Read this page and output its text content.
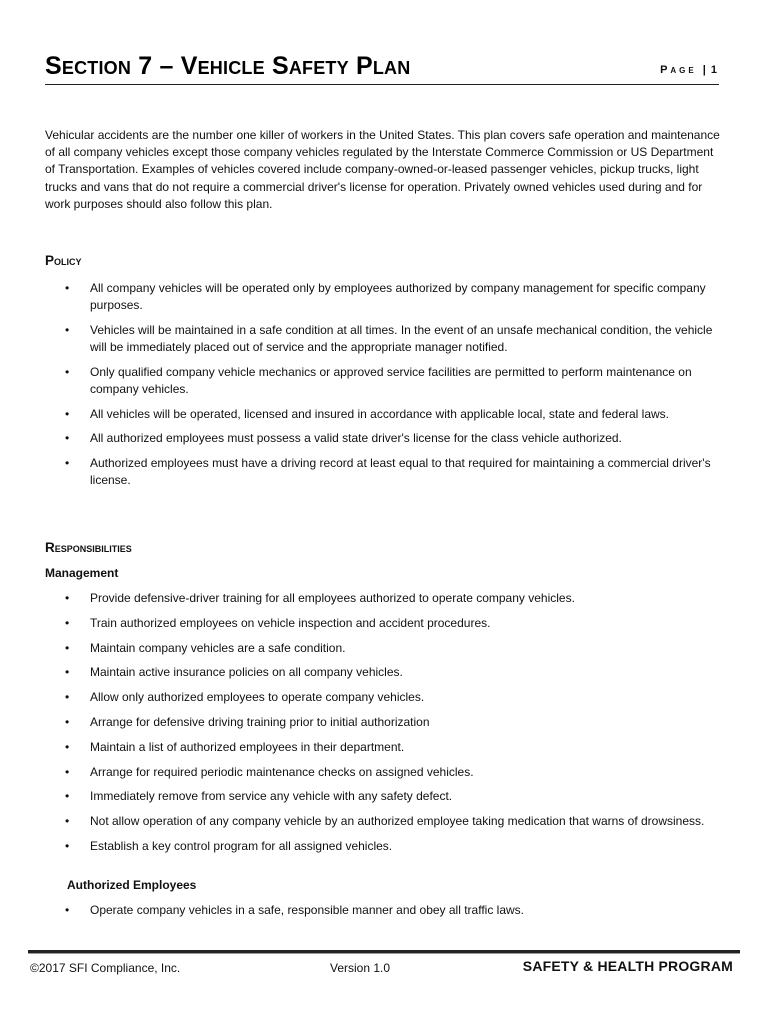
Section 7 – Vehicle Safety Plan	Page | 1

Vehicular accidents are the number one killer of workers in the United States. This plan covers safe operation and maintenance of all company vehicles except those company vehicles regulated by the Interstate Commerce Commission or US Department of Transportation. Examples of vehicles covered include company-owned-or-leased passenger vehicles, pickup trucks, light trucks and vans that do not require a commercial driver's license for operation. Privately owned vehicles used during and for work purposes should also follow this plan.

Policy
• All company vehicles will be operated only by employees authorized by company management for specific company purposes.
• Vehicles will be maintained in a safe condition at all times. In the event of an unsafe mechanical condition, the vehicle will be immediately placed out of service and the appropriate manager notified.
• Only qualified company vehicle mechanics or approved service facilities are permitted to perform maintenance on company vehicles.
• All vehicles will be operated, licensed and insured in accordance with applicable local, state and federal laws.
• All authorized employees must possess a valid state driver's license for the class vehicle authorized.
• Authorized employees must have a driving record at least equal to that required for maintaining a commercial driver's license.
Responsibilities
Management
• Provide defensive-driver training for all employees authorized to operate company vehicles.
• Train authorized employees on vehicle inspection and accident procedures.
• Maintain company vehicles are a safe condition.
• Maintain active insurance policies on all company vehicles.
• Allow only authorized employees to operate company vehicles.
• Arrange for defensive driving training prior to initial authorization
• Maintain a list of authorized employees in their department.
• Arrange for required periodic maintenance checks on assigned vehicles.
• Immediately remove from service any vehicle with any safety defect.
• Not allow operation of any company vehicle by an authorized employee taking medication that warns of drowsiness.
• Establish a key control program for all assigned vehicles.
Authorized Employees
• Operate company vehicles in a safe, responsible manner and obey all traffic laws.
©2017 SFI Compliance, Inc.	Version 1.0	SAFETY & HEALTH PROGRAM
